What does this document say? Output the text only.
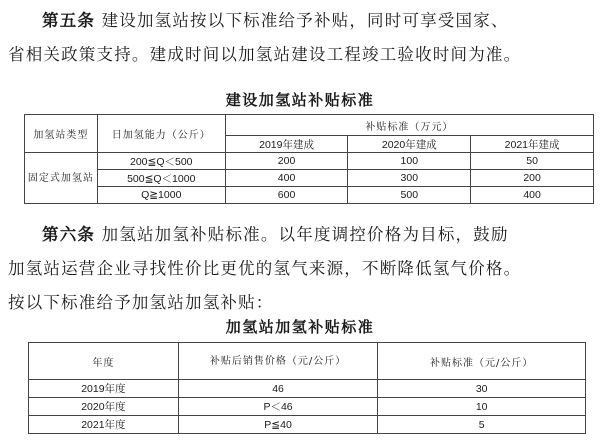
第五条 建设加氢站按以下标准给予补贴，同时可享受国家、
省相关政策支持。建成时间以加氢站建设工程竣工验收时间为准。
建设加氢站补贴标准
加氢站类型	日加氢能力（公斤）	补贴标准（万元）		
		2019年建成	2020年建成	2021年建成
固定式加氢站	200≦Q＜500	200	100	50
	500≦Q＜1000	400	300	200
	Q≧1000	600	500	400
第六条 加氢站加氢补贴标准。以年度调控价格为目标，鼓励
加氢站运营企业寻找性价比更优的氢气来源，不断降低氢气价格。
按以下标准给予加氢站加氢补贴：
加氢站加氢补贴标准
年度	补贴后销售价格（元/公斤）	补贴标准（元/公斤）
2019年度	46	30
2020年度	P＜46	10
2021年度	P≦40	5
